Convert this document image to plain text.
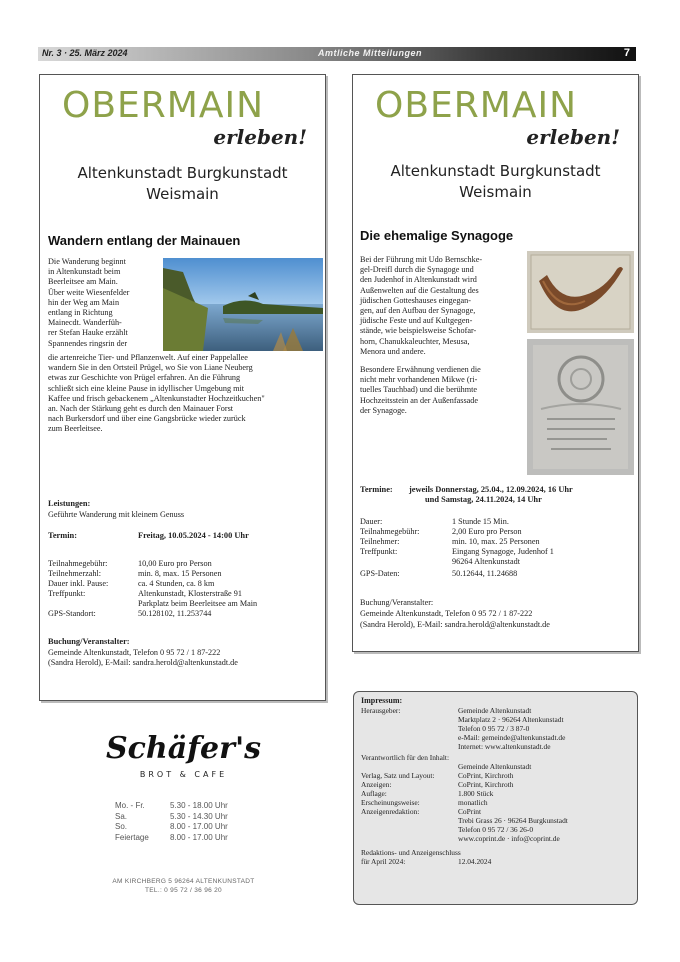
Nr. 3 · 25. März 2024	Amtliche Mitteilungen	7
OBERMAIN
erleben!
Altenkunstadt Burgkunstadt
Weismain
Wandern entlang der Mainauen
Die Wanderung beginnt
in Altenkunstadt beim
Beerleitsee am Main.
Über weite Wiesenfelder
hin der Weg am Main
entlang in Richtung
Mainecdt. Wanderfüh-
rer Stefan Hauke erzählt
Spannendes ringsrin der
die artenreiche Tier- und Pflanzenwelt. Auf einer Pappelallee
wandern Sie in den Ortsteil Prügel, wo Sie von Liane Neuberg
etwas zur Geschichte von Prügel erfahren. An die Führung
schließt sich eine kleine Pause in idyllischer Umgebung mit
Kaffee und frisch gebackenem „Altenkunstadter Hochzeitkuchen"
an. Nach der Stärkung geht es durch den Mainauer Forst
nach Burkersdorf und über eine Gangsbrücke wieder zurück
zum Beerleitsee.
Leistungen:
Geführte Wanderung mit kleinem Genuss
Termin:	Freitag, 10.05.2024 - 14:00 Uhr
Teilnahmegebühr:	10,00 Euro pro Person
Teilnehmerzahl:	min. 8, max. 15 Personen
Dauer inkl. Pause:	ca. 4 Stunden, ca. 8 km
Treffpunkt:	Altenkunstadt, Klosterstraße 91
Parkplatz beim Beerleitsee am Main
GPS-Standort:	50.128102, 11.253744
Buchung/Veranstalter:
Gemeinde Altenkunstadt, Telefon 0 95 72 / 1 87-222
(Sandra Herold), E-Mail: sandra.herold@altenkunstadt.de
OBERMAIN
erleben!
Altenkunstadt Burgkunstadt
Weismain
Die ehemalige Synagoge
Bei der Führung mit Udo Bernschke-
gel-Dreifl durch die Synagoge und
den Judenhof in Altenkunstadt wird
Außenwelten auf die Gestaltung des
jüdischen Gotteshauses eingegan-
gen, auf den Aufbau der Synagoge,
jüdische Feste und auf Kultgegen-
stände, wie beispielsweise Schofar-
horn, Chanukkaleuchter, Mesusa,
Menora und andere.
Besondere Erwähnung verdienen die
nicht mehr vorhandenen Mikwe (ri-
tuelles Tauchbad) und die berühmte
Hochzeitsstein an der Außenfassade
der Synagoge.
Termine: jeweils Donnerstag, 25.04., 12.09.2024, 16 Uhr
und Samstag, 24.11.2024, 14 Uhr
Dauer:	1 Stunde 15 Min.
Teilnahmegebühr:	2,00 Euro pro Person
Teilnehmer:	min. 10, max. 25 Personen
Treffpunkt:	Eingang Synagoge, Judenhof 1
96264 Altenkunstadt
GPS-Daten:	50.12644, 11.24688
Buchung/Veranstalter:
Gemeinde Altenkunstadt, Telefon 0 95 72 / 1 87-222
(Sandra Herold), E-Mail: sandra.herold@altenkunstadt.de
Schäfer's
BROT & CAFE
Mo. - Fr.	5.30 - 18.00 Uhr
Sa.	5.30 - 14.30 Uhr
So.	8.00 - 17.00 Uhr
Feiertage	8.00 - 17.00 Uhr
AM KIRCHBERG 5 96264 ALTENKUNSTADT
TEL.: 0 95 72 / 36 96 20
Impressum:
Herausgeber:	Gemeinde Altenkunstadt
Marktplatz 2 · 96264 Altenkunstadt
Telefon 0 95 72 / 3 87-0
e-Mail: gemeinde@altenkunstadt.de
Internet: www.altenkunstadt.de
Verantwortlich für den Inhalt:
Gemeinde Altenkunstadt
Verlag, Satz und Layout:	CoPrint, Kirchroth
Anzeigen:	CoPrint, Kirchroth
Auflage:	1.800 Stück
Erscheinungsweise:	monatlich
Anzeigenredaktion:	CoPrint
Trebi Grass 26 · 96264 Burgkunstadt
Telefon 0 95 72 / 36 26-0
www.coprint.de · info@coprint.de
Redaktions- und Anzeigenschluss
für April 2024:	12.04.2024
